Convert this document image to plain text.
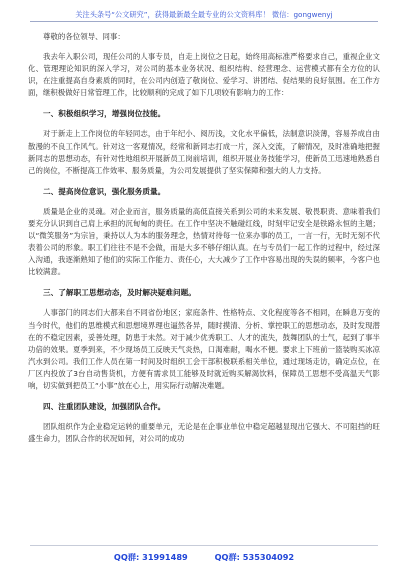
关注头条号“公文研究”，获得最新最全最专业的公文资料库！ 微信：gongwenyj

尊敬的各位领导、同事：

我去年入职公司，现任公司的人事专员，自走上岗位之日起，始终用高标准严格要求自己，重视企业文化、管理理论知识的深入学习，对公司的基本业务状况、组织结构、经营理念、运营模式都有全方位的认识，在注重提高自身素质的同时，在公司内创造了敬岗位、爱学习、讲团结、促结果的良好氛围。在工作方面，继积极做好日常管理工作，比较顺利的完成了如下几项较有影响力的工作：

一、积极组织学习，增强岗位技能。

对于新走上工作岗位的年轻同志，由于年纪小、阅历浅，文化水平偏低，法制意识淡薄，容易养成自由散漫的不良工作风气。针对这一客观情况，经常和新同志打成一片，深入交流，了解情况，及时准确地把握新同志的思想动态，有针对性地组织开展新员工岗前培训，组织开展业务技能学习，使新员工迅速地熟悉自己的岗位，不断提高工作效率、服务质量，为公司发展提供了坚实保障和强大的人力支持。

二、提高岗位意识，强化服务质量。

质量是企业的灵魂。对企业而言，服务质量的高低直接关系到公司的未来发展、敬畏职责、意味着我们要充分认识到自己肩上承担的沉甸甸的责任。在工作中坚决不触碰红线，时刻牢记安全是铁路永恒的主题；以“微笑服务”为宗旨，秉持以人为本的服务理念，热情对待每一位来办事的员工，一言一行，无时无刻不代表着公司的形象。职工们往往不是不会做，而是大多不够仔细认真。在与专员们一起工作的过程中，经过深入沟通，我逐渐熟知了他们的实际工作能力、责任心，大大减少了工作中容易出现的失误的频率，今客户也比较满意。

三、了解职工思想动态，及时解决疑难问题。

人事部门的同志们大都来自不同省份地区；家庭条件、性格特点、文化程度等各不相同，在瞬息万变的当今时代，他们的思维模式和思想境界理也逼然各异，随时摸清、分析、掌控职工的思想动态，及时发现潜在的不稳定因素，妥善处理，防患于未然。对于减少优秀职工、人才的流失，鼓舞团队的士气，起到了事半功倍的效果。夏季到来，不少现场员工反映天气炎热，口渴难耐，喝水不便。要求上下班前一篮装购买冰凉汽水到公司。我们工作人员在第一时间及时组织工会干部积极联系相关单位，通过现场走访，确定点位，在厂区内投放了3台自动售货机，方便有需求员工能够及时就近购买解渴饮料，保障员工思想不受高温天气影响，切实做到把员工“小事”放在心上，用实际行动解决难题。

四、注重团队建设，加强团队合作。

团队组织作为企业稳定运转的重要单元，无论是在企事业单位中稳定超越显现出它强大、不可阻挡的旺盛生命力，团队合作的状况如何，对公司的成功

QQ群: 31991489	QQ群: 535304092
